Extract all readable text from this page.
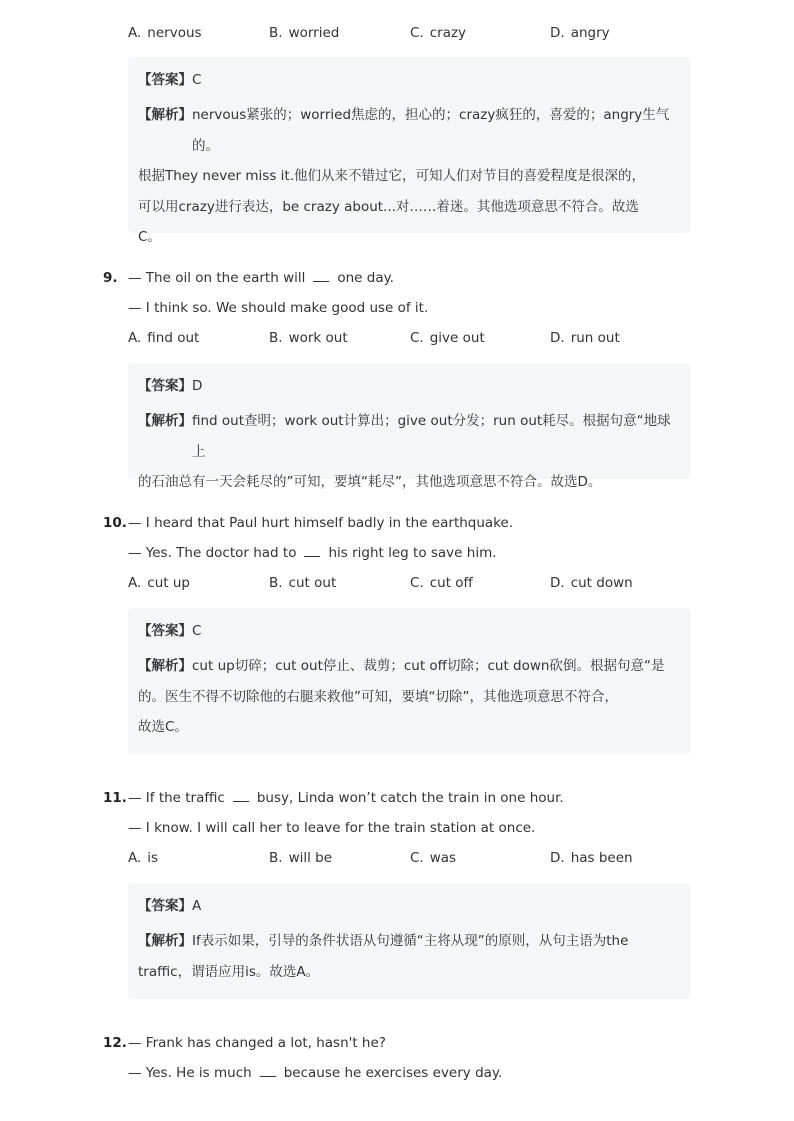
A. nervous	B. worried	C. crazy	D. angry
【答案】C
【解析】 nervous紧张的；worried焦虑的，担心的；crazy疯狂的，喜爱的；angry生气的。
根据They never miss it.他们从来不错过它，可知人们对节目的喜爱程度是很深的，
可以用crazy进行表达，be crazy about...对……着迷。其他选项意思不符合。故选
C。
9. — The oil on the earth will one day.
— I think so. We should make good use of it.
A. find out	B. work out	C. give out	D. run out
【答案】D
【解析】 find out查明；work out计算出；give out分发；run out耗尽。根据句意“地球上
的石油总有一天会耗尽的”可知，要填“耗尽”，其他选项意思不符合。故选D。
10.— I heard that Paul hurt himself badly in the earthquake.
— Yes. The doctor had to his right leg to save him.
A. cut up	B. cut out	C. cut off	D. cut down
【答案】C
【解析】 cut up切碎；cut out停止、裁剪；cut off切除；cut down砍倒。根据句意“是
的。医生不得不切除他的右腿来救他”可知，要填“切除”，其他选项意思不符合，
故选C。
11.— If the traffic busy, Linda won’t catch the train in one hour.
— I know. I will call her to leave for the train station at once.
A. is	B. will be	C. was	D. has been
【答案】A
【解析】 If表示如果，引导的条件状语从句遵循“主将从现”的原则，从句主语为the
traffic，谓语应用is。故选A。
12.— Frank has changed a lot, hasn't he?
— Yes. He is much because he exercises every day.
